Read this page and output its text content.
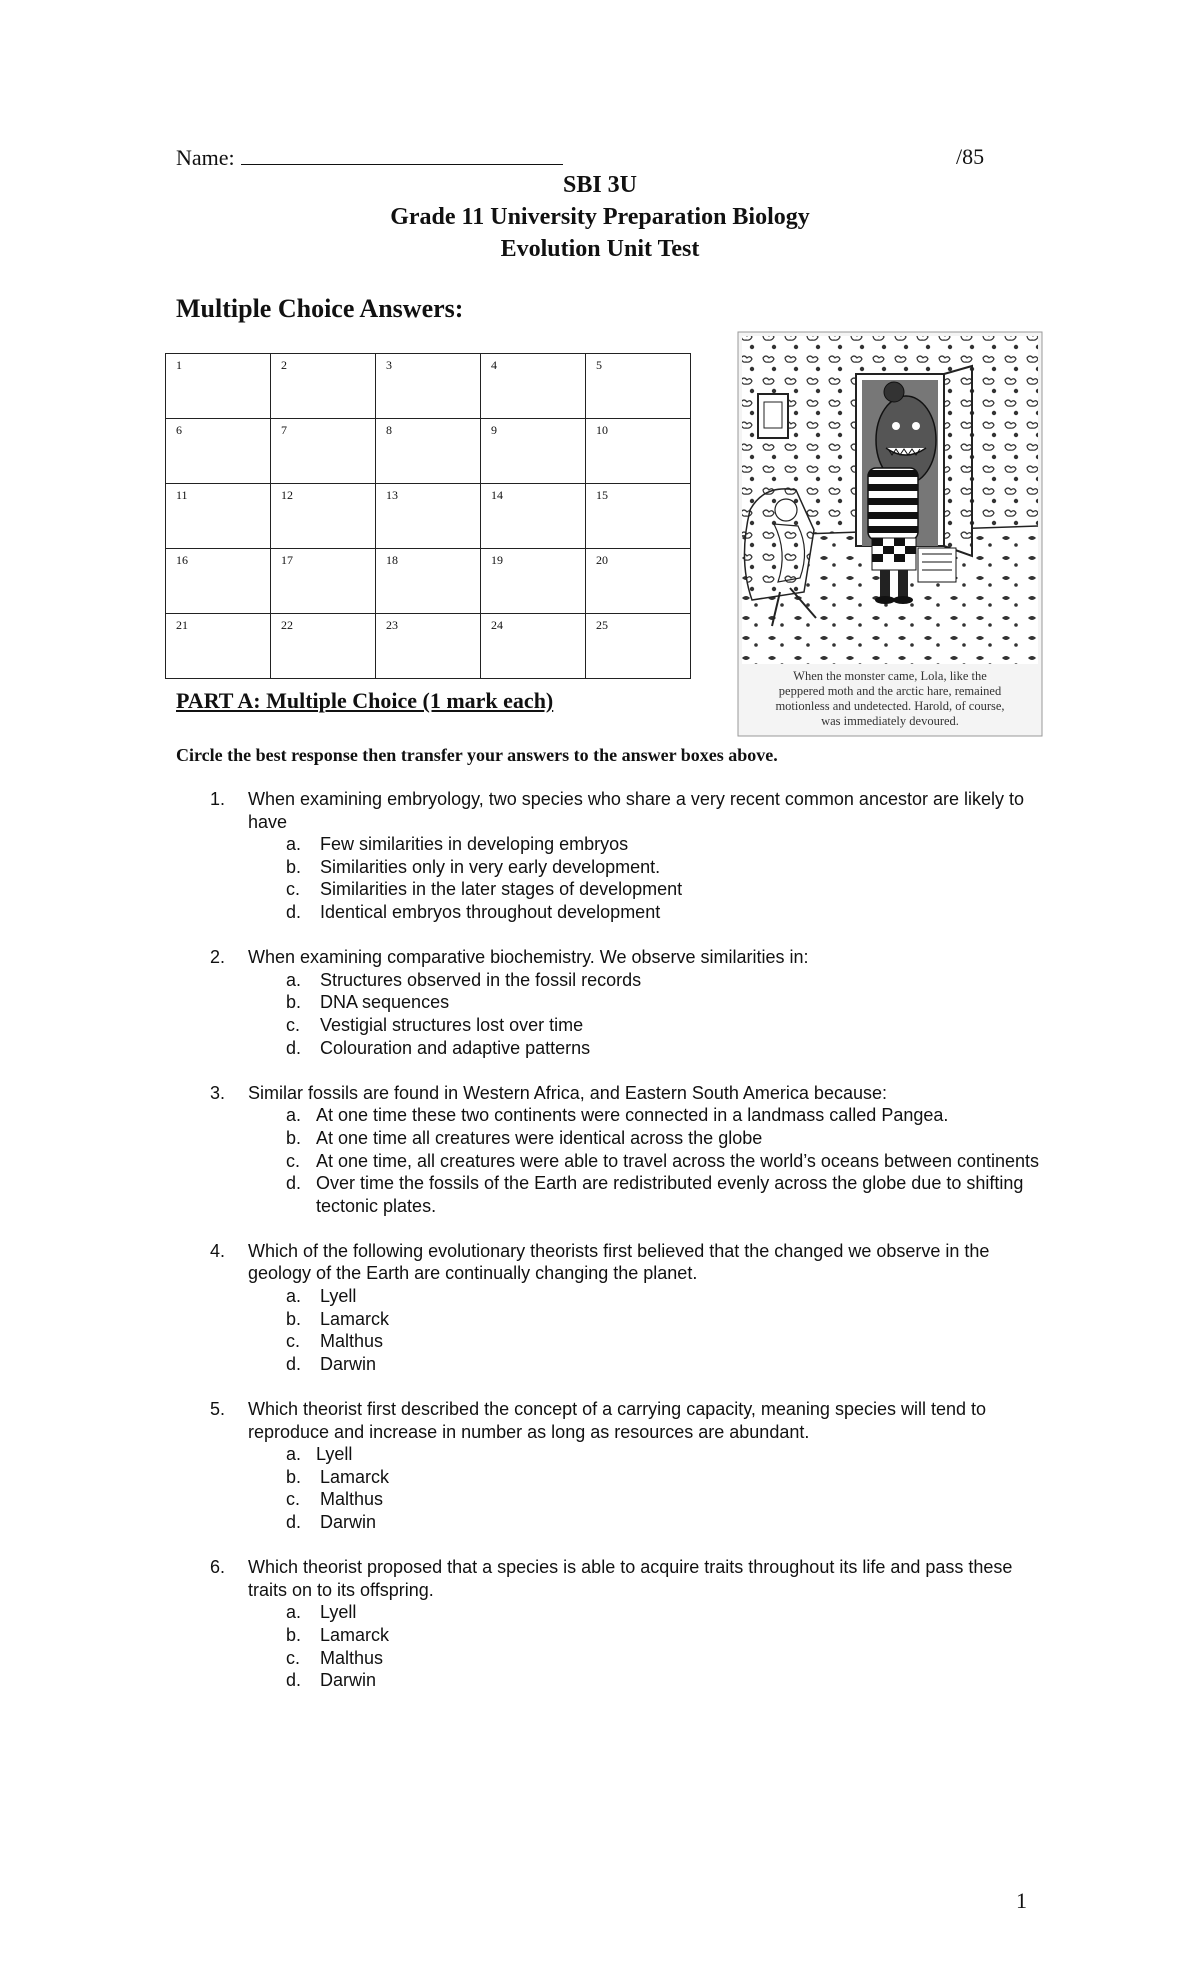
Name:	/85
SBI 3U
Grade 11 University Preparation Biology
Evolution Unit Test
Multiple Choice Answers:
1	2	3	4	5
6	7	8	9	10
11	12	13	14	15
16	17	18	19	20
21	22	23	24	25
When the monster came, Lola, like the
peppered moth and the arctic hare, remained
motionless and undetected. Harold, of course,
was immediately devoured.
PART A: Multiple Choice (1 mark each)
Circle the best response then transfer your answers to the answer boxes above.
1. When examining embryology, two species who share a very recent common ancestor are likely to have
a. Few similarities in developing embryos
b. Similarities only in very early development.
c. Similarities in the later stages of development
d. Identical embryos throughout development
2. When examining comparative biochemistry. We observe similarities in:
a. Structures observed in the fossil records
b. DNA sequences
c. Vestigial structures lost over time
d. Colouration and adaptive patterns
3. Similar fossils are found in Western Africa, and Eastern South America because:
a. At one time these two continents were connected in a landmass called Pangea.
b. At one time all creatures were identical across the globe
c. At one time, all creatures were able to travel across the world’s oceans between continents
d. Over time the fossils of the Earth are redistributed evenly across the globe due to shifting tectonic plates.
4. Which of the following evolutionary theorists first believed that the changed we observe in the geology of the Earth are continually changing the planet.
a. Lyell
b. Lamarck
c. Malthus
d. Darwin
5. Which theorist first described the concept of a carrying capacity, meaning species will tend to reproduce and increase in number as long as resources are abundant.
a. Lyell
b. Lamarck
c. Malthus
d. Darwin
6. Which theorist proposed that a species is able to acquire traits throughout its life and pass these traits on to its offspring.
a. Lyell
b. Lamarck
c. Malthus
d. Darwin
1
